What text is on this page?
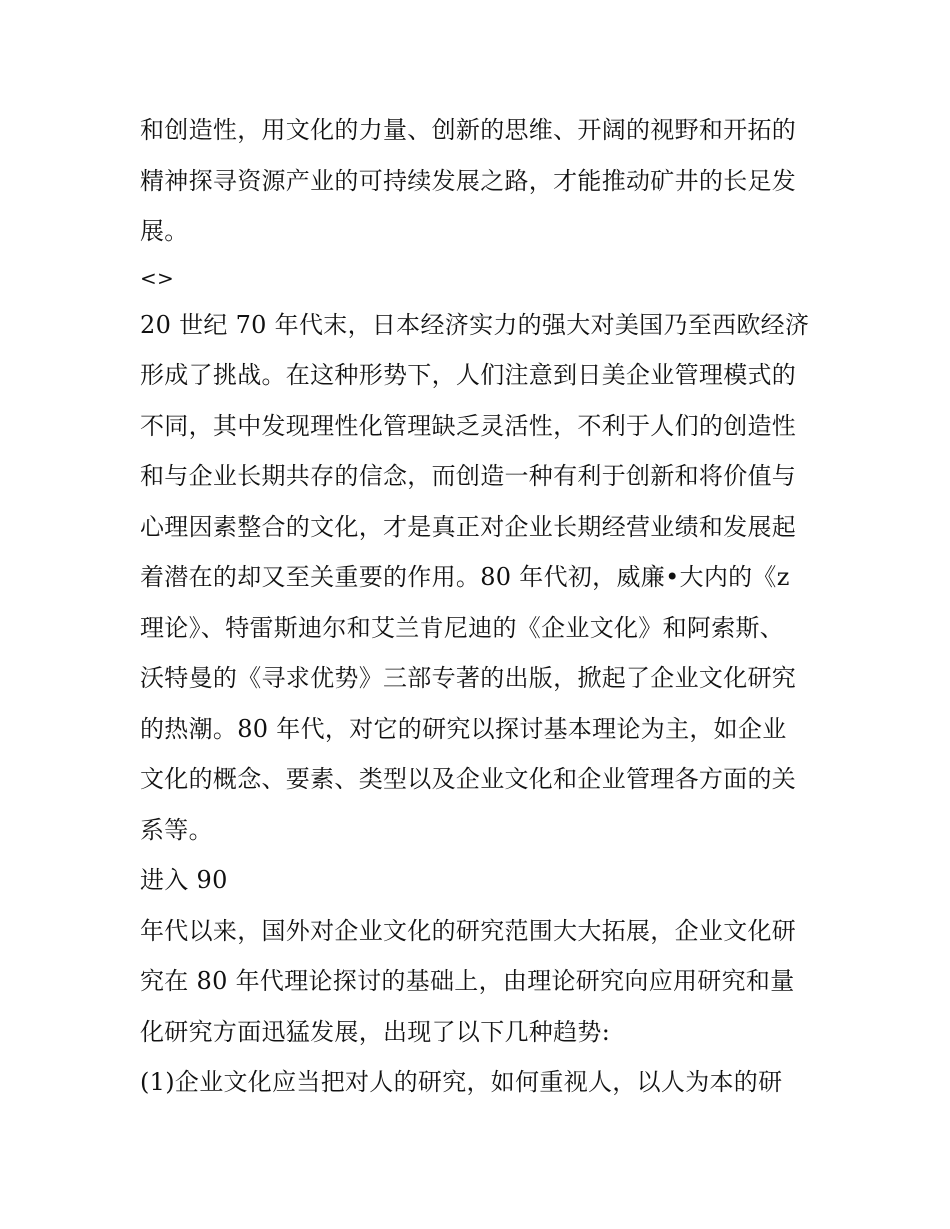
和创造性，用文化的力量、创新的思维、开阔的视野和开拓的
精神探寻资源产业的可持续发展之路，才能推动矿井的长足发
展。
<>
20 世纪 70 年代末，日本经济实力的强大对美国乃至西欧经济
形成了挑战。在这种形势下，人们注意到日美企业管理模式的
不同，其中发现理性化管理缺乏灵活性，不利于人们的创造性
和与企业长期共存的信念，而创造一种有利于创新和将价值与
心理因素整合的文化，才是真正对企业长期经营业绩和发展起
着潜在的却又至关重要的作用。80 年代初，威廉•大内的《z
理论》、特雷斯迪尔和艾兰肯尼迪的《企业文化》和阿索斯、
沃特曼的《寻求优势》三部专著的出版，掀起了企业文化研究
的热潮。80 年代，对它的研究以探讨基本理论为主，如企业
文化的概念、要素、类型以及企业文化和企业管理各方面的关
系等。
进入 90
年代以来，国外对企业文化的研究范围大大拓展，企业文化研
究在 80 年代理论探讨的基础上，由理论研究向应用研究和量
化研究方面迅猛发展，出现了以下几种趋势:
(1)企业文化应当把对人的研究，如何重视人，以人为本的研
